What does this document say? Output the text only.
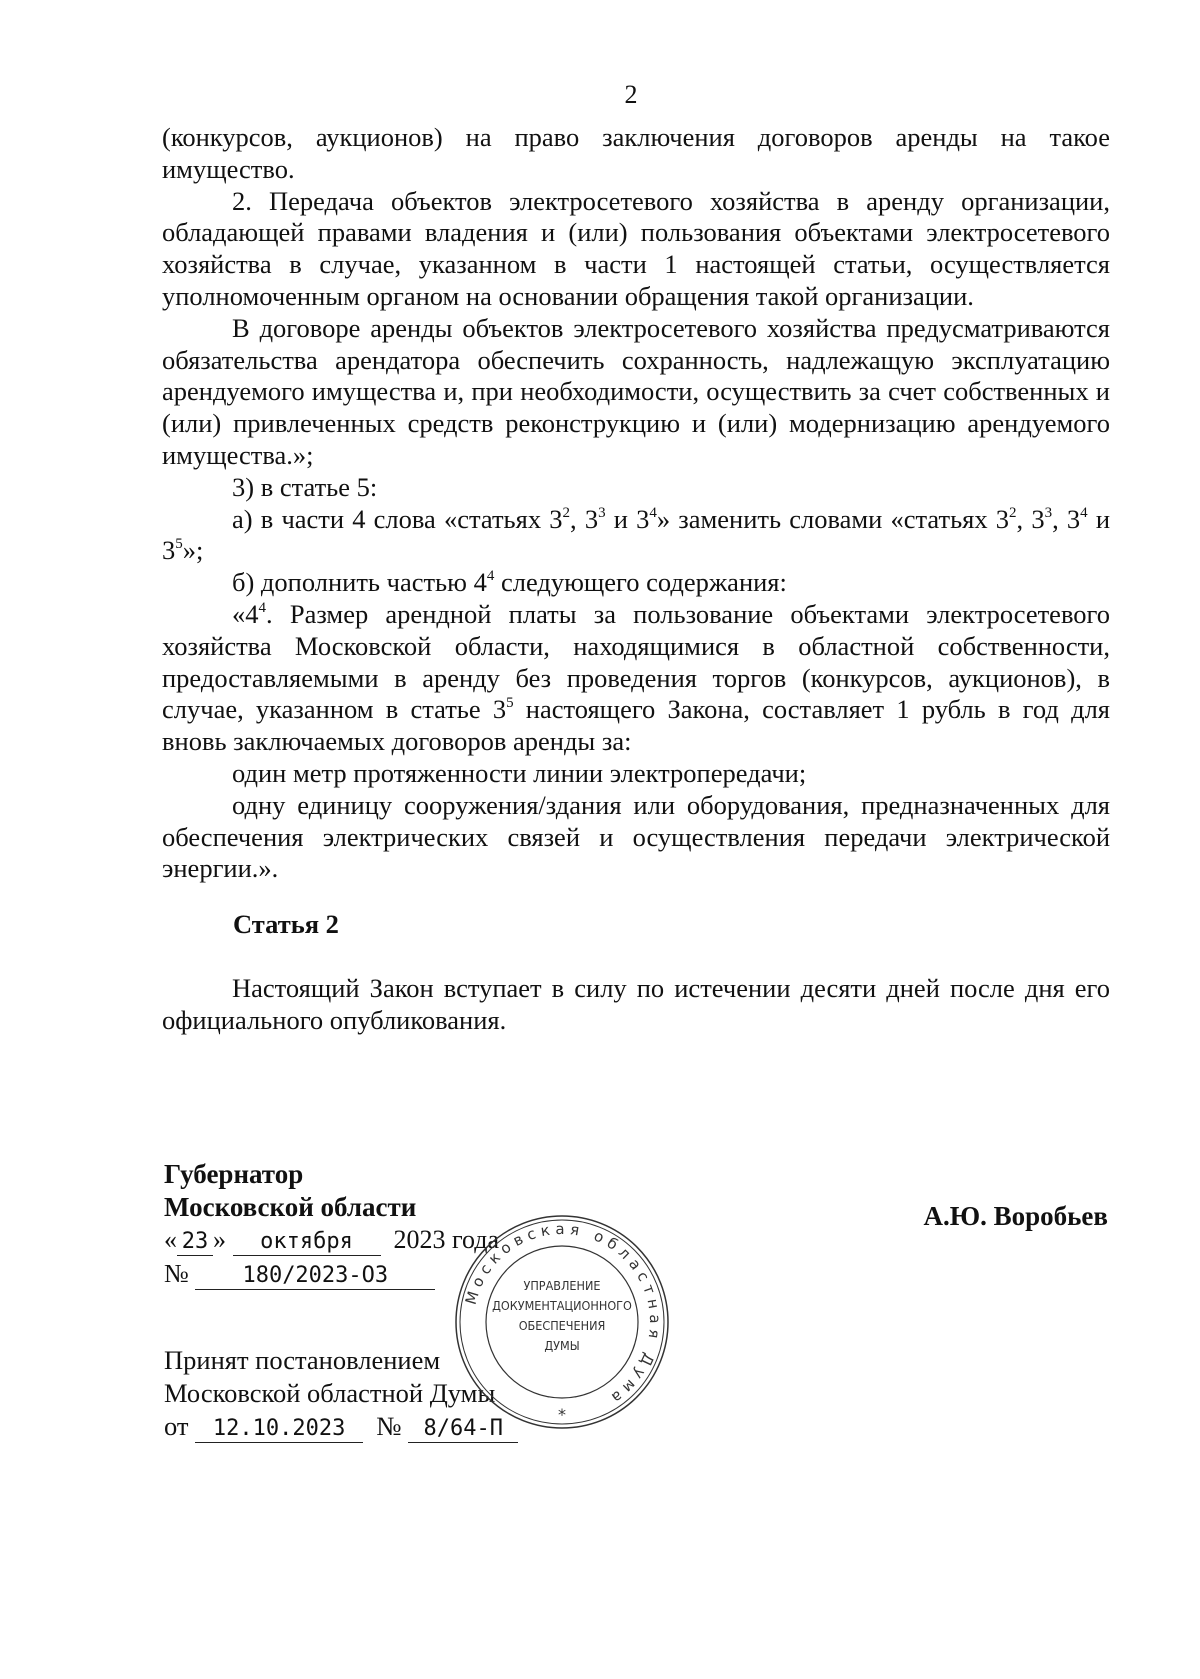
2

(конкурсов, аукционов) на право заключения договоров аренды на такое имущество.

2. Передача объектов электросетевого хозяйства в аренду организации, обладающей правами владения и (или) пользования объектами электросетевого хозяйства в случае, указанном в части 1 настоящей статьи, осуществляется уполномоченным органом на основании обращения такой организации.

В договоре аренды объектов электросетевого хозяйства предусматриваются обязательства арендатора обеспечить сохранность, надлежащую эксплуатацию арендуемого имущества и, при необходимости, осуществить за счет собственных и (или) привлеченных средств реконструкцию и (или) модернизацию арендуемого имущества.»;

3) в статье 5:

а) в части 4 слова «статьях $3^2$, $3^3$ и $3^4$» заменить словами «статьях $3^2$, $3^3$, $3^4$ и $3^5$»;

б) дополнить частью $4^4$ следующего содержания:

«$4^4$. Размер арендной платы за пользование объектами электросетевого хозяйства Московской области, находящимися в областной собственности, предоставляемыми в аренду без проведения торгов (конкурсов, аукционов), в случае, указанном в статье $3^5$ настоящего Закона, составляет 1 рубль в год для вновь заключаемых договоров аренды за:

один метр протяженности линии электропередачи;

одну единицу сооружения/здания или оборудования, предназначенных для обеспечения электрических связей и осуществления передачи электрической энергии.».

Статья 2

Настоящий Закон вступает в силу по истечении десяти дней после дня его официального опубликования.

Губернатор
Московской области	А.Ю. Воробьев
« 23 » октября 2023 года
№ 180/2023-ОЗ
Принят постановлением
Московской областной Думы
от 12.10.2023 № 8/64-П
Московская областная Дума
УПРАВЛЕНИЕ
ДОКУМЕНТАЦИОННОГО
ОБЕСПЕЧЕНИЯ
ДУМЫ
*
